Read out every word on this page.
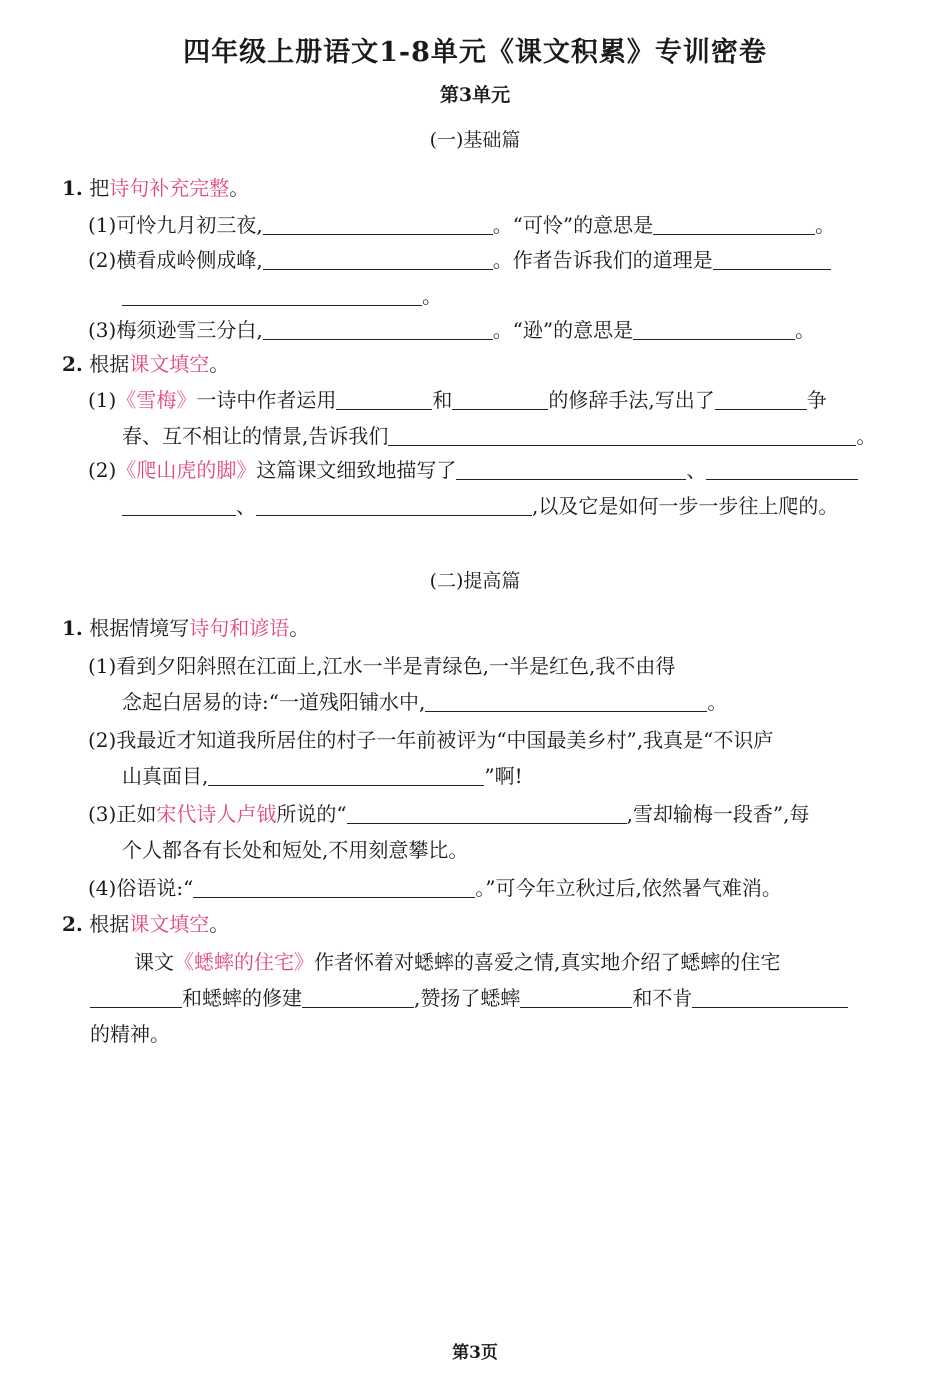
四年级上册语文1-8单元《课文积累》专训密卷
第3单元
(一)基础篇
1. 把诗句补充完整。
(1)可怜九月初三夜,	。“可怜”的意思是	。
(2)横看成岭侧成峰,	。作者告诉我们的道理是
。
(3)梅须逊雪三分白,	。“逊”的意思是	。
2. 根据课文填空。
(1)《雪梅》一诗中作者运用	和	的修辞手法,写出了	争
春、互不相让的情景,告诉我们	。
(2)《爬山虎的脚》这篇课文细致地描写了	、
、	,以及它是如何一步一步往上爬的。
(二)提高篇
1. 根据情境写诗句和谚语。
(1)看到夕阳斜照在江面上,江水一半是青绿色,一半是红色,我不由得
念起白居易的诗:“一道残阳铺水中,	。
(2)我最近才知道我所居住的村子一年前被评为“中国最美乡村”,我真是“不识庐
山真面目,	”啊!
(3)正如宋代诗人卢钺所说的“	,雪却输梅一段香”,每
个人都各有长处和短处,不用刻意攀比。
(4)俗语说:“	。”可今年立秋过后,依然暑气难消。
2. 根据课文填空。
课文《蟋蟀的住宅》作者怀着对蟋蟀的喜爱之情,真实地介绍了蟋蟀的住宅
和蟋蟀的修建	,赞扬了蟋蟀	和不肯
的精神。
第3页
